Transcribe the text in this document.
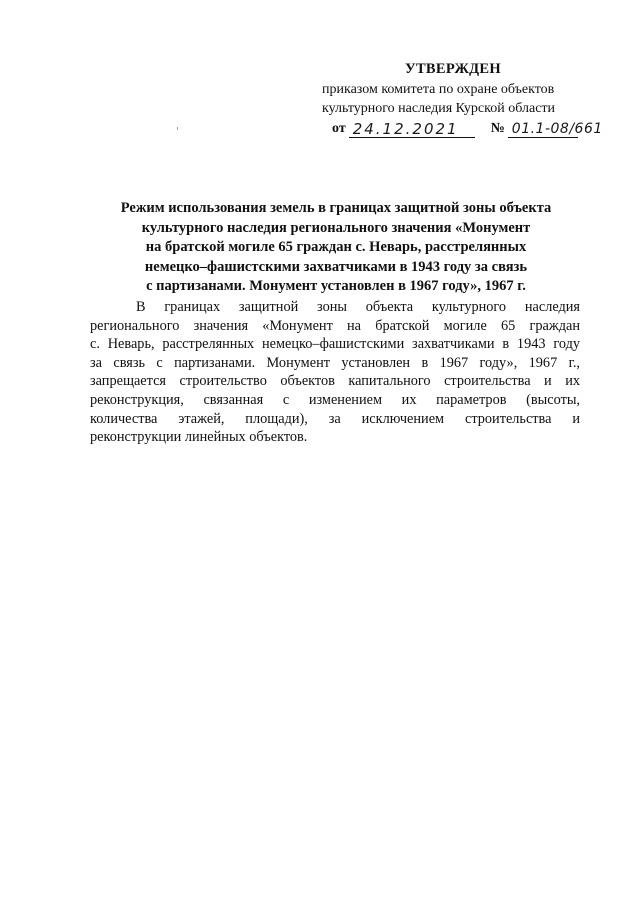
УТВЕРЖДЕН
приказом комитета по охране объектов
культурного наследия Курской области
от 24.12.2021	№ 01.1-08/661
Режим использования земель в границах защитной зоны объекта
культурного наследия регионального значения «Монумент
на братской могиле 65 граждан с. Неварь, расстрелянных
немецко–фашистскими захватчиками в 1943 году за связь
с партизанами. Монумент установлен в 1967 году», 1967 г.
В границах защитной зоны объекта культурного наследия
регионального значения «Монумент на братской могиле 65 граждан
с. Неварь, расстрелянных немецко–фашистскими захватчиками в 1943 году
за связь с партизанами. Монумент установлен в 1967 году», 1967 г.,
запрещается строительство объектов капитального строительства и их
реконструкция, связанная с изменением их параметров (высоты,
количества этажей, площади), за исключением строительства и
реконструкции линейных объектов.
